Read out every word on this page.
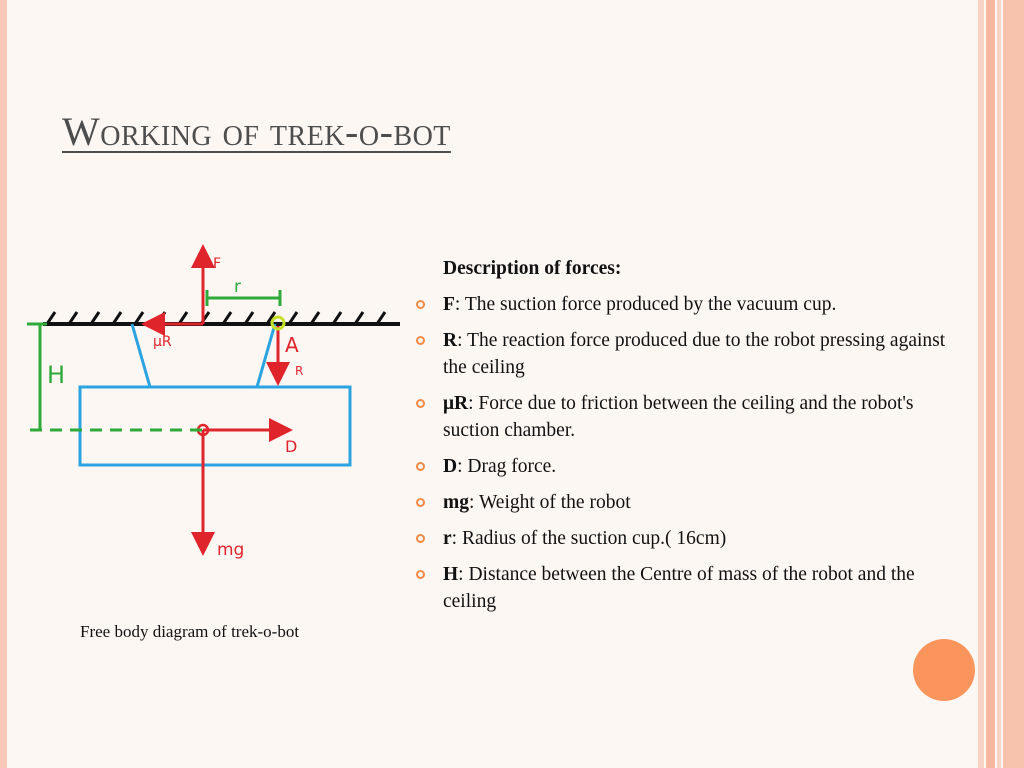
Working of trek-o-bot
F
mg
D
μR
R
A
r
H
Free body diagram of trek-o-bot
Description of forces:
F: The suction force produced by the vacuum cup.
R: The reaction force produced due to the robot pressing against the ceiling
μR: Force due to friction between the ceiling and the robot's suction chamber.
D: Drag force.
mg: Weight of the robot
r: Radius of the suction cup.( 16cm)
H: Distance between the Centre of mass of the robot and the ceiling
